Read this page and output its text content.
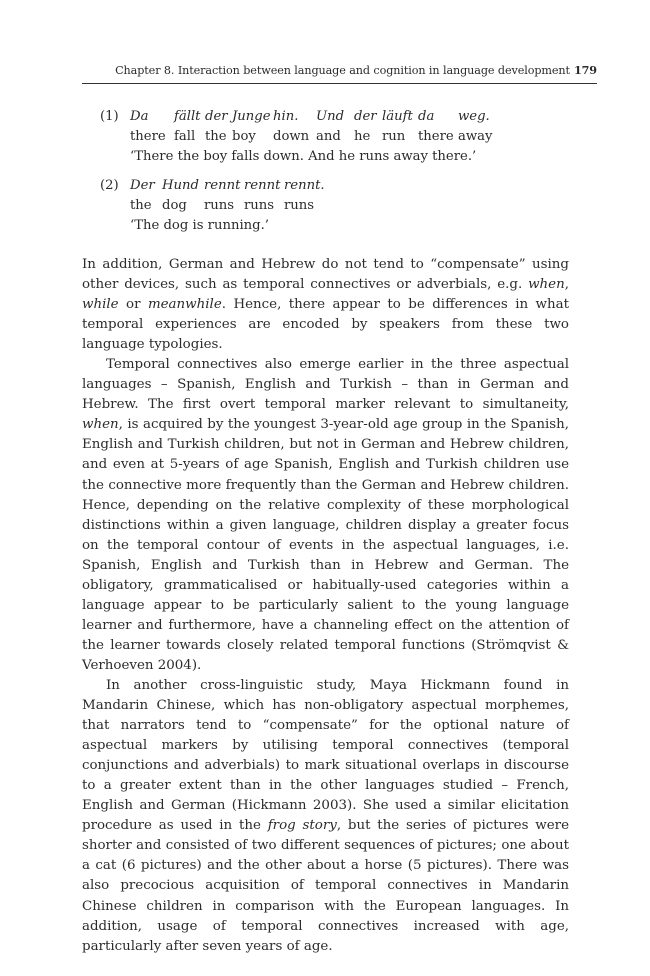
Chapter 8. Interaction between language and cognition in language development 179
(1) Da fällt der Junge hin. Und der läuft da weg.
there fall the boy down and he run there away
‘There the boy falls down. And he runs away there.’
(2) Der Hund rennt rennt rennt.
the dog runs runs runs
‘The dog is running.’

In addition, German and Hebrew do not tend to “compensate” using other devices, such as temporal connectives or adverbials, e.g. when, while or meanwhile. Hence, there appear to be differences in what temporal experiences are encoded by speakers from these two language typologies.

Temporal connectives also emerge earlier in the three aspectual languages – Spanish, English and Turkish – than in German and Hebrew. The first overt temporal marker relevant to simultaneity, when, is acquired by the youngest 3-year-old age group in the Spanish, English and Turkish children, but not in German and Hebrew children, and even at 5-years of age Spanish, English and Turkish children use the connective more frequently than the German and Hebrew children. Hence, depending on the relative complexity of these morphological distinctions within a given language, children display a greater focus on the temporal contour of events in the aspectual languages, i.e. Spanish, English and Turkish than in Hebrew and German. The obligatory, grammaticalised or habitually-used categories within a language appear to be particularly salient to the young language learner and furthermore, have a channeling effect on the attention of the learner towards closely related temporal functions (Strömqvist & Verhoeven 2004).

In another cross-linguistic study, Maya Hickmann found in Mandarin Chinese, which has non-obligatory aspectual morphemes, that narrators tend to “compensate” for the optional nature of aspectual markers by utilising temporal connectives (temporal conjunctions and adverbials) to mark situational overlaps in discourse to a greater extent than in the other languages studied – French, English and German (Hickmann 2003). She used a similar elicitation procedure as used in the frog story, but the series of pictures were shorter and consisted of two different sequences of pictures; one about a cat (6 pictures) and the other about a horse (5 pictures). There was also precocious acquisition of temporal connectives in Mandarin Chinese children in comparison with the European languages. In addition, usage of temporal connectives increased with age, particularly after seven years of age.
